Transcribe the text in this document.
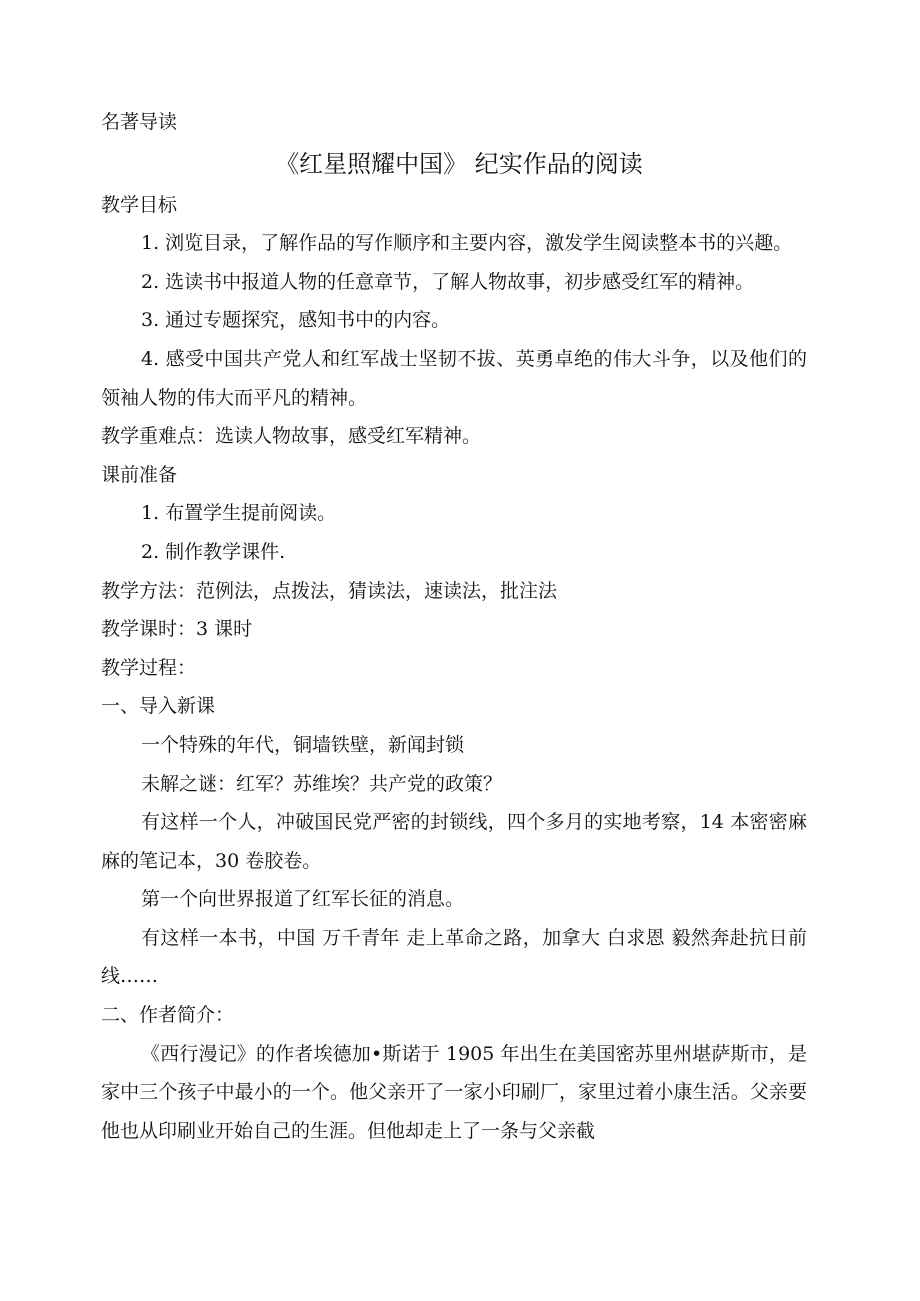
名著导读

《红星照耀中国》 纪实作品的阅读

教学目标

1. 浏览目录，了解作品的写作顺序和主要内容，激发学生阅读整本书的兴趣。

2. 选读书中报道人物的任意章节，了解人物故事，初步感受红军的精神。

3. 通过专题探究，感知书中的内容。

4. 感受中国共产党人和红军战士坚韧不拔、英勇卓绝的伟大斗争，以及他们的领袖人物的伟大而平凡的精神。

教学重难点：选读人物故事，感受红军精神。

课前准备

1. 布置学生提前阅读。

2. 制作教学课件.

教学方法：范例法，点拨法，猜读法，速读法，批注法

教学课时：3 课时

教学过程：

一、导入新课

一个特殊的年代，铜墙铁壁，新闻封锁

未解之谜：红军？苏维埃？共产党的政策？

有这样一个人，冲破国民党严密的封锁线，四个多月的实地考察，14 本密密麻麻的笔记本，30 卷胶卷。

第一个向世界报道了红军长征的消息。

有这样一本书，中国 万千青年 走上革命之路，加拿大 白求恩 毅然奔赴抗日前线……

二、作者简介：

《西行漫记》的作者埃德加•斯诺于 1905 年出生在美国密苏里州堪萨斯市，是家中三个孩子中最小的一个。他父亲开了一家小印刷厂，家里过着小康生活。父亲要他也从印刷业开始自己的生涯。但他却走上了一条与父亲截
